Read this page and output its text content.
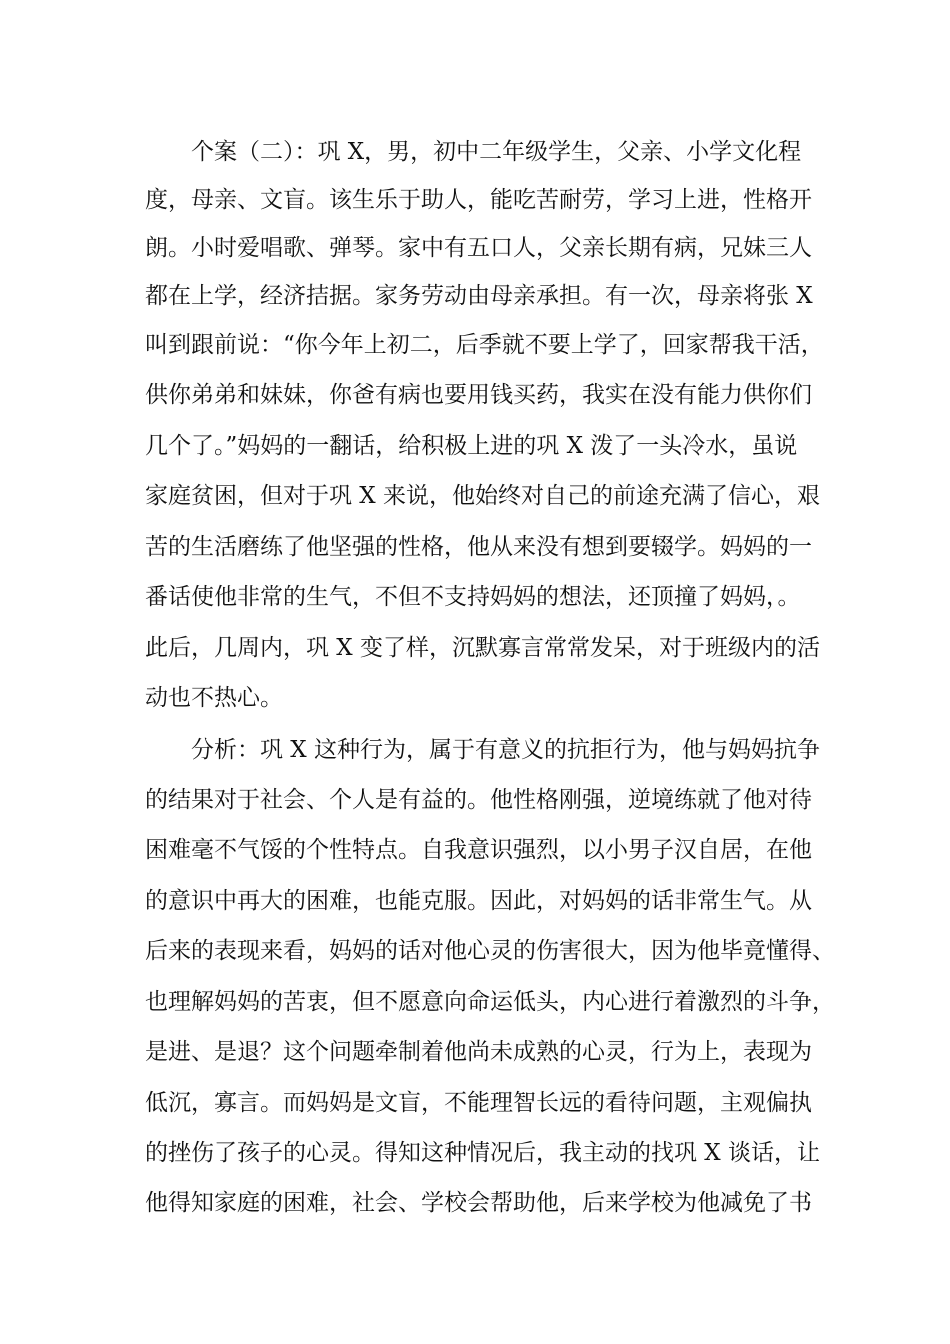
个案（二）：巩 X，男，初中二年级学生，父亲、小学文化程
度，母亲、文盲。该生乐于助人，能吃苦耐劳，学习上进，性格开
朗。小时爱唱歌、弹琴。家中有五口人，父亲长期有病，兄妹三人
都在上学，经济拮据。家务劳动由母亲承担。有一次，母亲将张 X
叫到跟前说：“你今年上初二，后季就不要上学了，回家帮我干活，
供你弟弟和妹妹，你爸有病也要用钱买药，我实在没有能力供你们
几个了。”妈妈的一翻话，给积极上进的巩 X 泼了一头冷水，虽说
家庭贫困，但对于巩 X 来说，他始终对自己的前途充满了信心，艰
苦的生活磨练了他坚强的性格，他从来没有想到要辍学。妈妈的一
番话使他非常的生气，不但不支持妈妈的想法，还顶撞了妈妈，。
此后，几周内，巩 X 变了样，沉默寡言常常发呆，对于班级内的活
动也不热心。
分析：巩 X 这种行为，属于有意义的抗拒行为，他与妈妈抗争
的结果对于社会、个人是有益的。他性格刚强，逆境练就了他对待
困难毫不气馁的个性特点。自我意识强烈，以小男子汉自居，在他
的意识中再大的困难，也能克服。因此，对妈妈的话非常生气。从
后来的表现来看，妈妈的话对他心灵的伤害很大，因为他毕竟懂得、
也理解妈妈的苦衷，但不愿意向命运低头，内心进行着激烈的斗争，
是进、是退？这个问题牵制着他尚未成熟的心灵，行为上，表现为
低沉，寡言。而妈妈是文盲，不能理智长远的看待问题，主观偏执
的挫伤了孩子的心灵。得知这种情况后，我主动的找巩 X 谈话，让
他得知家庭的困难，社会、学校会帮助他，后来学校为他减免了书
